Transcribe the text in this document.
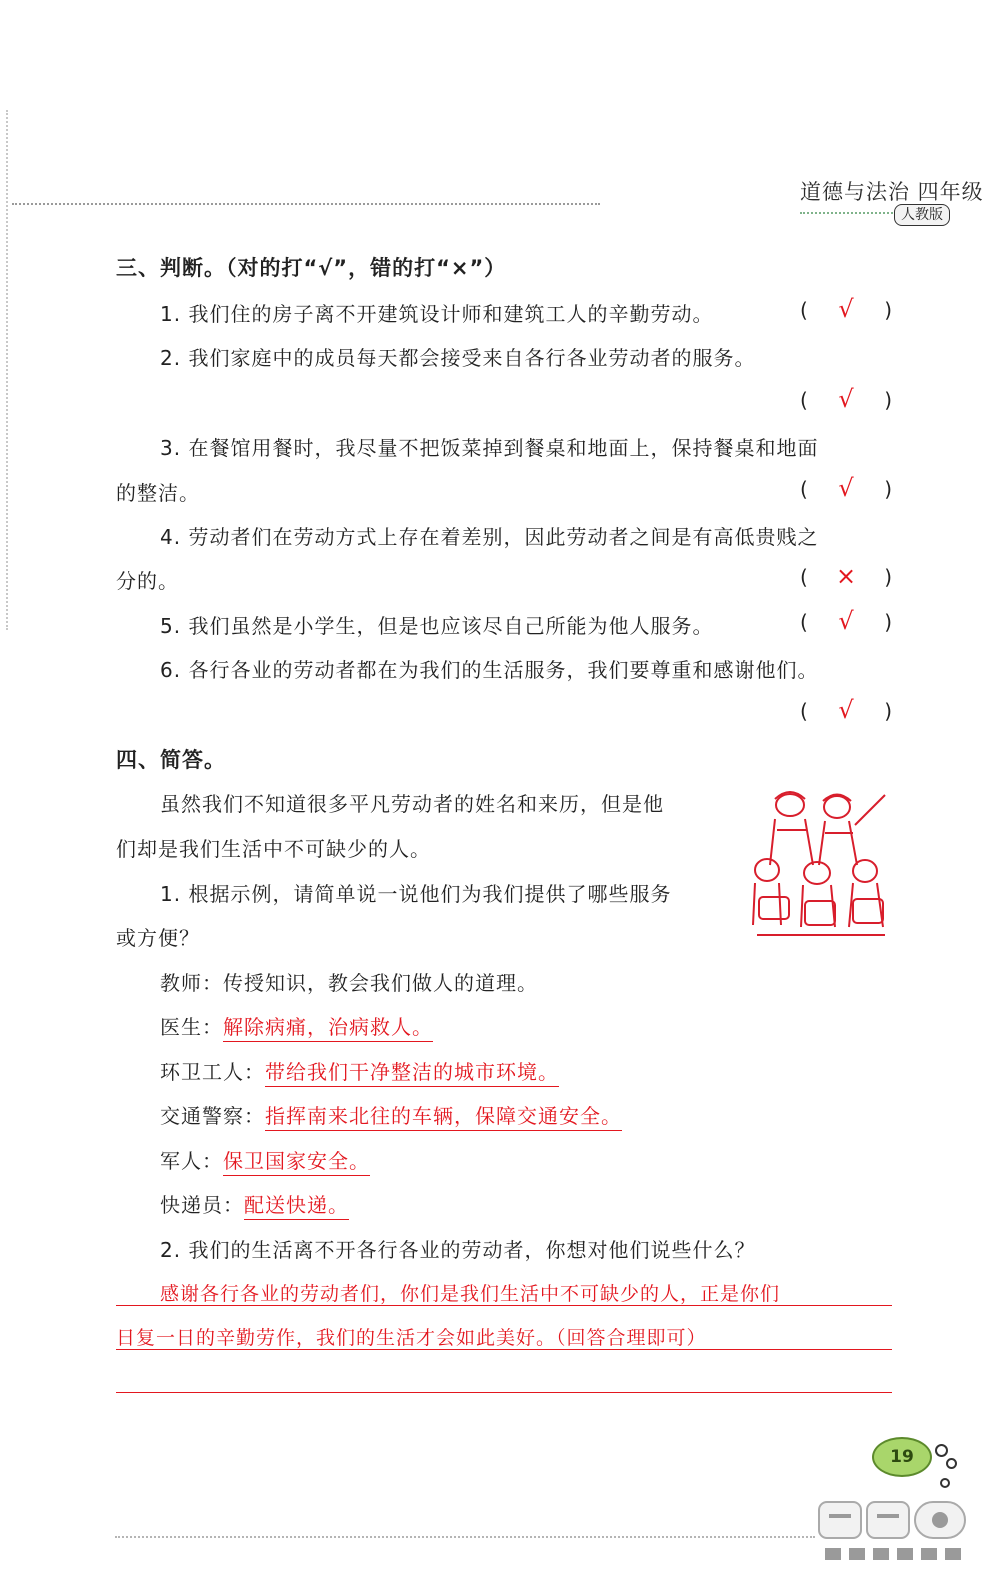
道德与法治 四年级
人教版
三、判断。（对的打“√”，错的打“×”）
1. 我们住的房子离不开建筑设计师和建筑工人的辛勤劳动。	(	√	)
2. 我们家庭中的成员每天都会接受来自各行各业劳动者的服务。
(	√	)
3. 在餐馆用餐时，我尽量不把饭菜掉到餐桌和地面上，保持餐桌和地面
的整洁。	(	√	)
4. 劳动者们在劳动方式上存在着差别，因此劳动者之间是有高低贵贱之
分的。	( × )
5. 我们虽然是小学生，但是也应该尽自己所能为他人服务。	(	√	)
6. 各行各业的劳动者都在为我们的生活服务，我们要尊重和感谢他们。
(	√	)
四、简答。
虽然我们不知道很多平凡劳动者的姓名和来历，但是他
们却是我们生活中不可缺少的人。
1. 根据示例，请简单说一说他们为我们提供了哪些服务
或方便？
教师：传授知识，教会我们做人的道理。
医生：解除病痛，治病救人。
环卫工人：带给我们干净整洁的城市环境。
交通警察：指挥南来北往的车辆，保障交通安全。
军人：保卫国家安全。
快递员：配送快递。
2. 我们的生活离不开各行各业的劳动者，你想对他们说些什么？
感谢各行各业的劳动者们，你们是我们生活中不可缺少的人，正是你们
日复一日的辛勤劳作，我们的生活才会如此美好。（回答合理即可）
19
